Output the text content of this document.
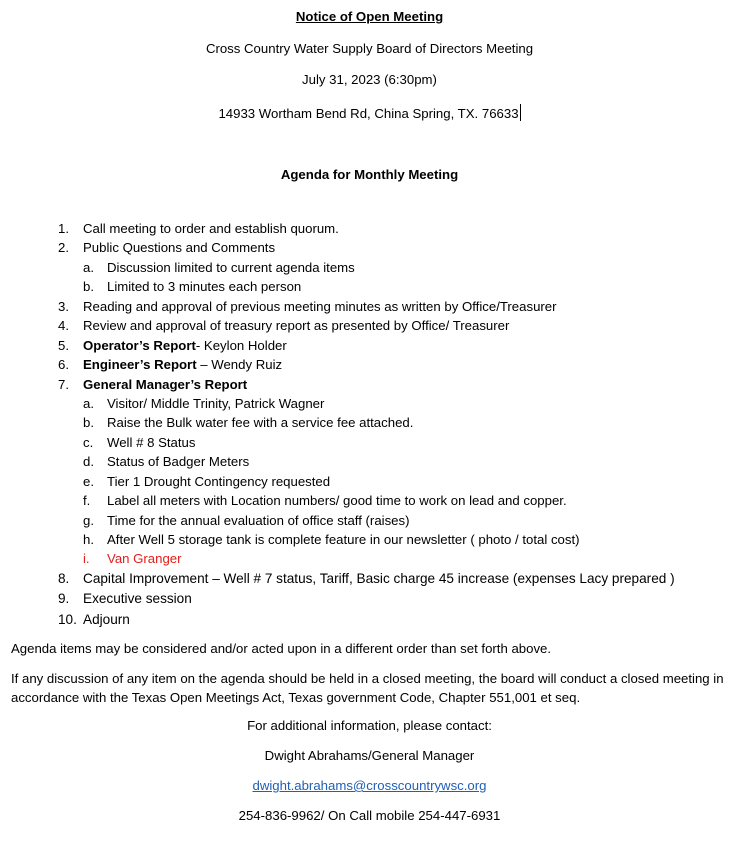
Notice of Open Meeting
Cross Country Water Supply Board of Directors Meeting
July 31, 2023 (6:30pm)
14933 Wortham Bend Rd, China Spring, TX. 76633
Agenda for Monthly Meeting
1. Call meeting to order and establish quorum.
2. Public Questions and Comments
a. Discussion limited to current agenda items
b. Limited to 3 minutes each person
3. Reading and approval of previous meeting minutes as written by Office/Treasurer
4. Review and approval of treasury report as presented by Office/ Treasurer
5. Operator’s Report- Keylon Holder
6. Engineer’s Report – Wendy Ruiz
7. General Manager’s Report
a. Visitor/ Middle Trinity, Patrick Wagner
b. Raise the Bulk water fee with a service fee attached.
c. Well # 8 Status
d. Status of Badger Meters
e. Tier 1 Drought Contingency requested
f. Label all meters with Location numbers/ good time to work on lead and copper.
g. Time for the annual evaluation of office staff (raises)
h. After Well 5 storage tank is complete feature in our newsletter ( photo / total cost)
i. Van Granger
8. Capital Improvement – Well # 7 status, Tariff, Basic charge 45 increase (expenses Lacy prepared )
9. Executive session
10. Adjourn
Agenda items may be considered and/or acted upon in a different order than set forth above.
If any discussion of any item on the agenda should be held in a closed meeting, the board will conduct a closed meeting in accordance with the Texas Open Meetings Act, Texas government Code, Chapter 551,001 et seq.
For additional information, please contact:
Dwight Abrahams/General Manager
dwight.abrahams@crosscountrywsc.org
254-836-9962/ On Call mobile 254-447-6931
